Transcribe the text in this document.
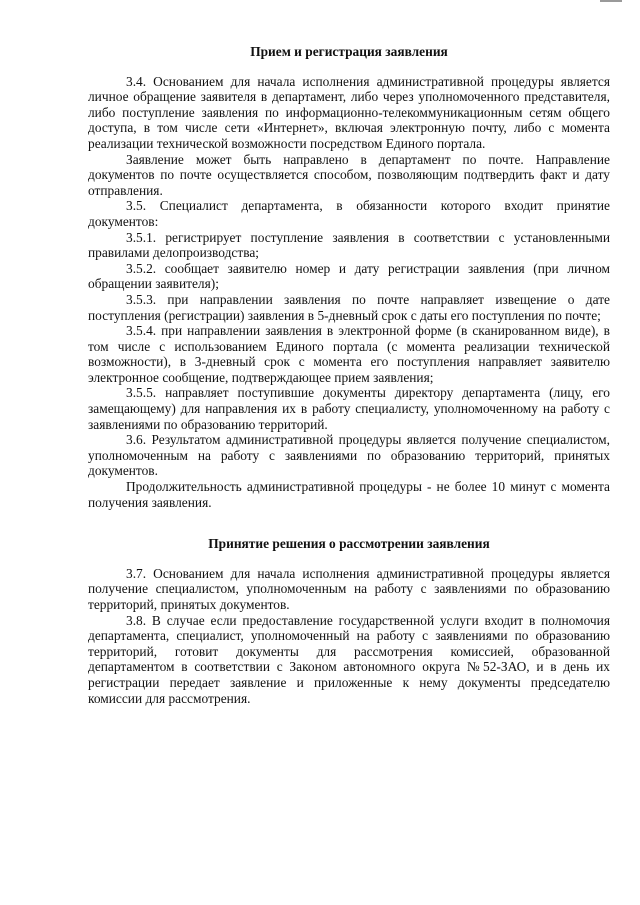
Прием и регистрация заявления

3.4. Основанием для начала исполнения административной процедуры является личное обращение заявителя в департамент, либо через уполномоченного представителя, либо поступление заявления по информационно-телекоммуникационным сетям общего доступа, в том числе сети «Интернет», включая электронную почту, либо с момента реализации технической возможности посредством Единого портала.

Заявление может быть направлено в департамент по почте. Направление документов по почте осуществляется способом, позволяющим подтвердить факт и дату отправления.

3.5. Специалист департамента, в обязанности которого входит принятие документов:

3.5.1. регистрирует поступление заявления в соответствии с установленными правилами делопроизводства;

3.5.2. сообщает заявителю номер и дату регистрации заявления (при личном обращении заявителя);

3.5.3. при направлении заявления по почте направляет извещение о дате поступления (регистрации) заявления в 5-дневный срок с даты его поступления по почте;

3.5.4. при направлении заявления в электронной форме (в сканированном виде), в том числе с использованием Единого портала (с момента реализации технической возможности), в 3-дневный срок с момента его поступления направляет заявителю электронное сообщение, подтверждающее прием заявления;

3.5.5. направляет поступившие документы директору департамента (лицу, его замещающему) для направления их в работу специалисту, уполномоченному на работу с заявлениями по образованию территорий.

3.6. Результатом административной процедуры является получение специалистом, уполномоченным на работу с заявлениями по образованию территорий, принятых документов.

Продолжительность административной процедуры - не более 10 минут с момента получения заявления.

Принятие решения о рассмотрении заявления

3.7. Основанием для начала исполнения административной процедуры является получение специалистом, уполномоченным на работу с заявлениями по образованию территорий, принятых документов.

3.8. В случае если предоставление государственной услуги входит в полномочия департамента, специалист, уполномоченный на работу с заявлениями по образованию территорий, готовит документы для рассмотрения комиссией, образованной департаментом в соответствии с Законом автономного округа №52-ЗАО, и в день их регистрации передает заявление и приложенные к нему документы председателю комиссии для рассмотрения.
